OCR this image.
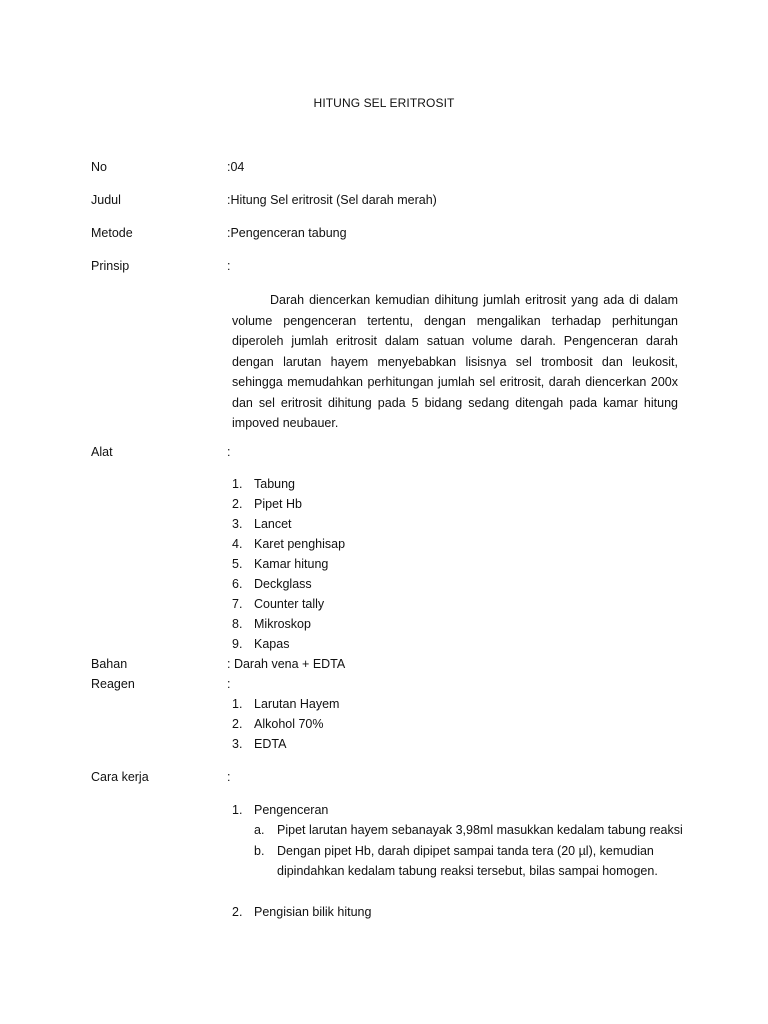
HITUNG SEL ERITROSIT
No	:04
Judul	:Hitung Sel eritrosit (Sel darah merah)
Metode	:Pengenceran tabung
Prinsip	:
Darah diencerkan kemudian dihitung jumlah eritrosit yang ada di dalam volume pengenceran tertentu, dengan mengalikan terhadap perhitungan diperoleh jumlah eritrosit dalam satuan volume darah. Pengenceran darah dengan larutan hayem menyebabkan lisisnya sel trombosit dan leukosit, sehingga memudahkan perhitungan jumlah sel eritrosit, darah diencerkan 200x dan sel eritrosit dihitung pada 5 bidang sedang ditengah pada kamar hitung impoved neubauer.
Alat	:
1. Tabung
2. Pipet Hb
3. Lancet
4. Karet penghisap
5. Kamar hitung
6. Deckglass
7. Counter tally
8. Mikroskop
9. Kapas
Bahan	: Darah vena + EDTA
Reagen	:
1. Larutan Hayem
2. Alkohol 70%
3. EDTA
Cara kerja	:
1. Pengenceran
a. Pipet larutan hayem sebanayak 3,98ml masukkan kedalam tabung reaksi
b. Dengan pipet Hb, darah dipipet sampai tanda tera (20 µl), kemudian dipindahkan kedalam tabung reaksi tersebut, bilas sampai homogen.
2. Pengisian bilik hitung
